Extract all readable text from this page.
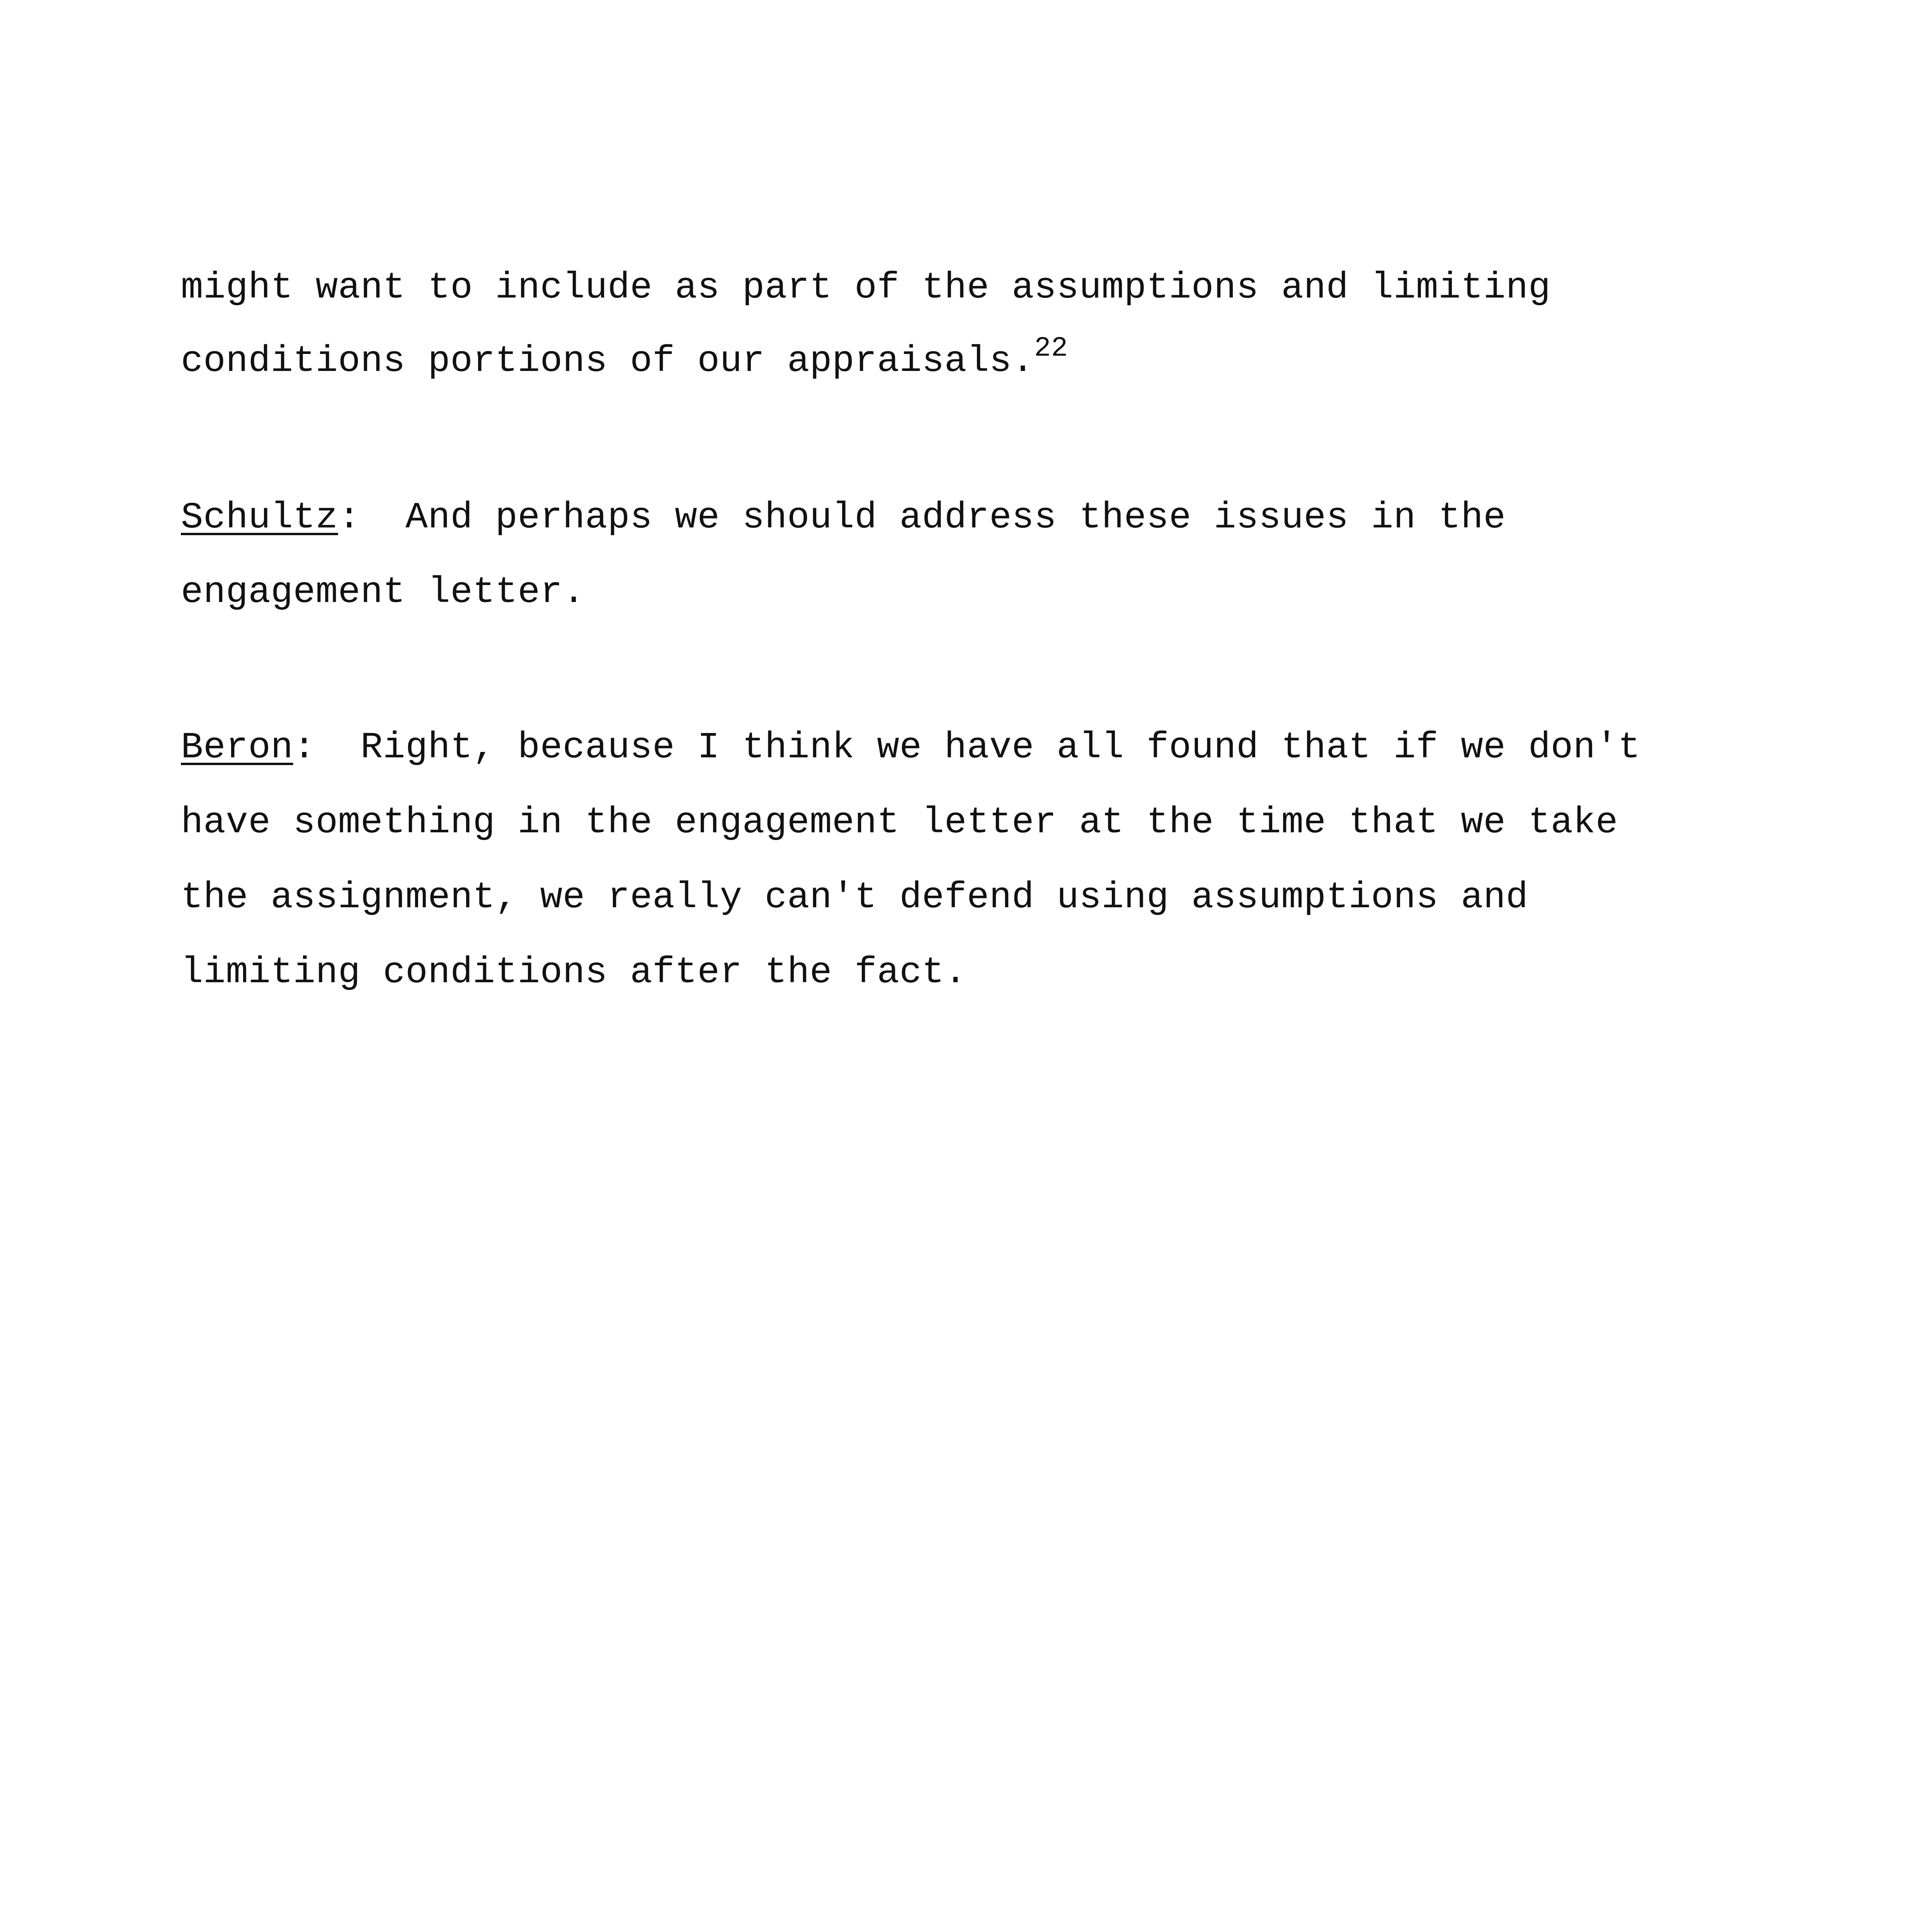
might want to include as part of the assumptions and limiting
conditions portions of our appraisals.$^{22}$
Schultz:  And perhaps we should address these issues in the
engagement letter.
Beron:  Right, because I think we have all found that if we don't
have something in the engagement letter at the time that we take
the assignment, we really can't defend using assumptions and
limiting conditions after the fact.
